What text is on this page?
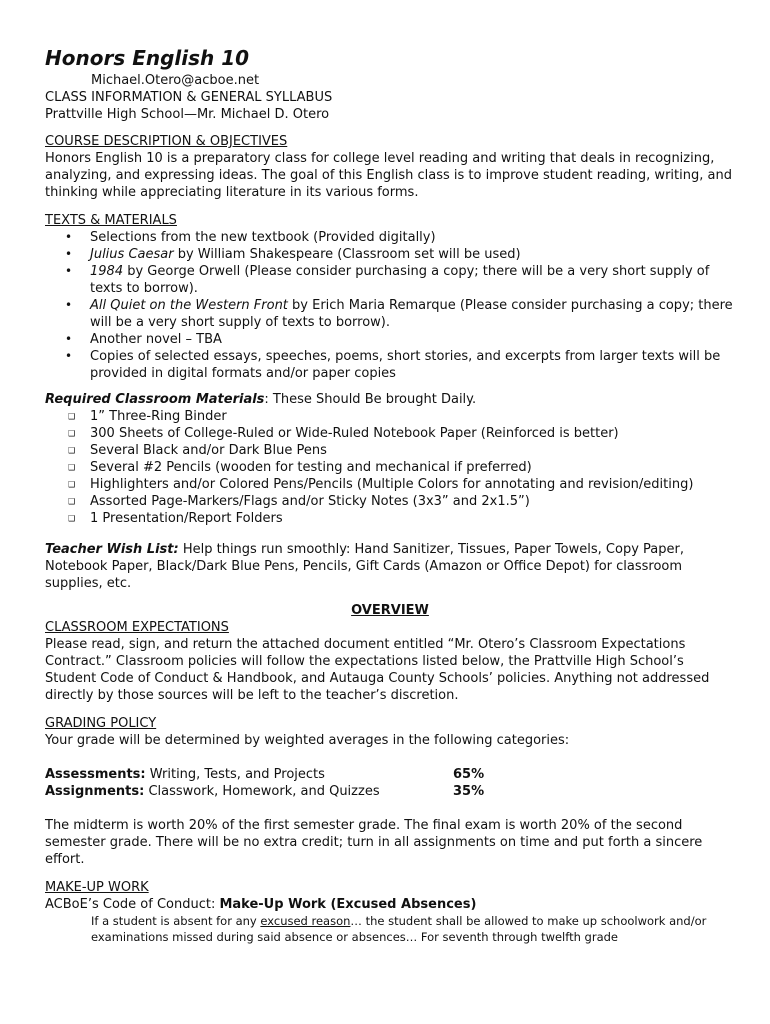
Honors English 10
Michael.Otero@acboe.net
CLASS INFORMATION & GENERAL SYLLABUS
Prattville High School—Mr. Michael D. Otero
COURSE DESCRIPTION & OBJECTIVES
Honors English 10 is a preparatory class for college level reading and writing that deals in recognizing, analyzing, and expressing ideas. The goal of this English class is to improve student reading, writing, and thinking while appreciating literature in its various forms.
TEXTS & MATERIALS
• Selections from the new textbook (Provided digitally)
• Julius Caesar by William Shakespeare (Classroom set will be used)
• 1984 by George Orwell (Please consider purchasing a copy; there will be a very short supply of texts to borrow).
• All Quiet on the Western Front by Erich Maria Remarque (Please consider purchasing a copy; there will be a very short supply of texts to borrow).
• Another novel – TBA
• Copies of selected essays, speeches, poems, short stories, and excerpts from larger texts will be provided in digital formats and/or paper copies
Required Classroom Materials: These Should Be brought Daily.
❑ 1” Three-Ring Binder
❑ 300 Sheets of College-Ruled or Wide-Ruled Notebook Paper (Reinforced is better)
❑ Several Black and/or Dark Blue Pens
❑ Several #2 Pencils (wooden for testing and mechanical if preferred)
❑ Highlighters and/or Colored Pens/Pencils (Multiple Colors for annotating and revision/editing)
❑ Assorted Page-Markers/Flags and/or Sticky Notes (3x3” and 2x1.5”)
❑ 1 Presentation/Report Folders
Teacher Wish List: Help things run smoothly: Hand Sanitizer, Tissues, Paper Towels, Copy Paper, Notebook Paper, Black/Dark Blue Pens, Pencils, Gift Cards (Amazon or Office Depot) for classroom supplies, etc.
OVERVIEW
CLASSROOM EXPECTATIONS
Please read, sign, and return the attached document entitled “Mr. Otero’s Classroom Expectations Contract.” Classroom policies will follow the expectations listed below, the Prattville High School’s Student Code of Conduct & Handbook, and Autauga County Schools’ policies. Anything not addressed directly by those sources will be left to the teacher’s discretion.
GRADING POLICY
Your grade will be determined by weighted averages in the following categories:
Assessments: Writing, Tests, and Projects	65%
Assignments: Classwork, Homework, and Quizzes	35%
The midterm is worth 20% of the first semester grade. The final exam is worth 20% of the second semester grade. There will be no extra credit; turn in all assignments on time and put forth a sincere effort.
MAKE-UP WORK
ACBoE’s Code of Conduct: Make-Up Work (Excused Absences)
If a student is absent for any excused reason… the student shall be allowed to make up schoolwork and/or examinations missed during said absence or absences… For seventh through twelfth grade
